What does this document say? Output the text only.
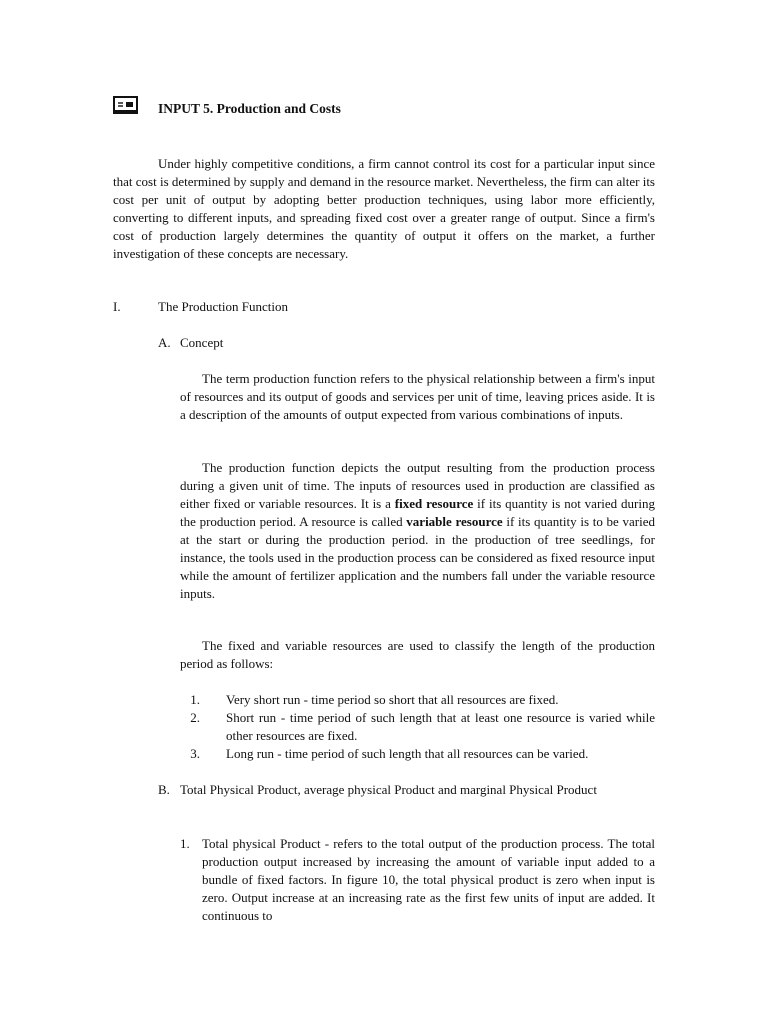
INPUT 5. Production and Costs

Under highly competitive conditions, a firm cannot control its cost for a particular input since that cost is determined by supply and demand in the resource market. Nevertheless, the firm can alter its cost per unit of output by adopting better production techniques, using labor more efficiently, converting to different inputs, and spreading fixed cost over a greater range of output. Since a firm's cost of production largely determines the quantity of output it offers on the market, a further investigation of these concepts are necessary.

I.	The Production Function
A. Concept

The term production function refers to the physical relationship between a firm's input of resources and its output of goods and services per unit of time, leaving prices aside. It is a description of the amounts of output expected from various combinations of inputs.

The production function depicts the output resulting from the production process during a given unit of time. The inputs of resources used in production are classified as either fixed or variable resources. It is a fixed resource if its quantity is not varied during the production period. A resource is called variable resource if its quantity is to be varied at the start or during the production period. in the production of tree seedlings, for instance, the tools used in the production process can be considered as fixed resource input while the amount of fertilizer application and the numbers fall under the variable resource inputs.

The fixed and variable resources are used to classify the length of the production period as follows:

1. Very short run - time period so short that all resources are fixed.
2. Short run - time period of such length that at least one resource is varied while other resources are fixed.
3. Long run - time period of such length that all resources can be varied.
B. Total Physical Product, average physical Product and marginal Physical Product
1. Total physical Product - refers to the total output of the production process. The total production output increased by increasing the amount of variable input added to a bundle of fixed factors. In figure 10, the total physical product is zero when input is zero. Output increase at an increasing rate as the first few units of input are added. It continuous to
